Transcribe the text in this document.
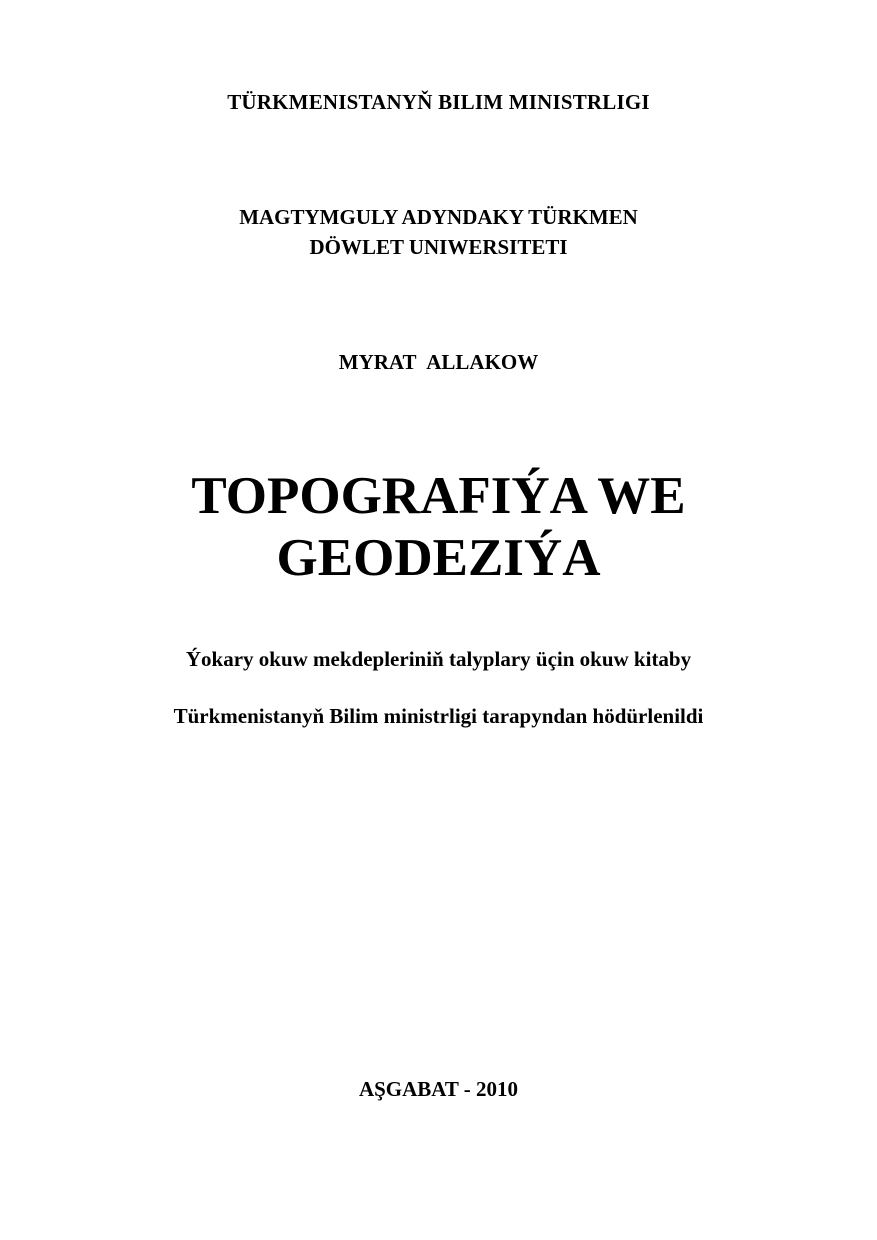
TÜRKMENISTANYŇ BILIM MINISTRLIGI
MAGTYMGULY ADYNDAKY TÜRKMEN
DÖWLET UNIWERSITETI
MYRAT ALLAKOW
TOPOGRAFIÝA WE
GEODEZIÝA
Ýokary okuw mekdepleriniň talyplary üçin okuw kitaby
Türkmenistanyň Bilim ministrligi tarapyndan hödürlenildi
AŞGABAT - 2010
